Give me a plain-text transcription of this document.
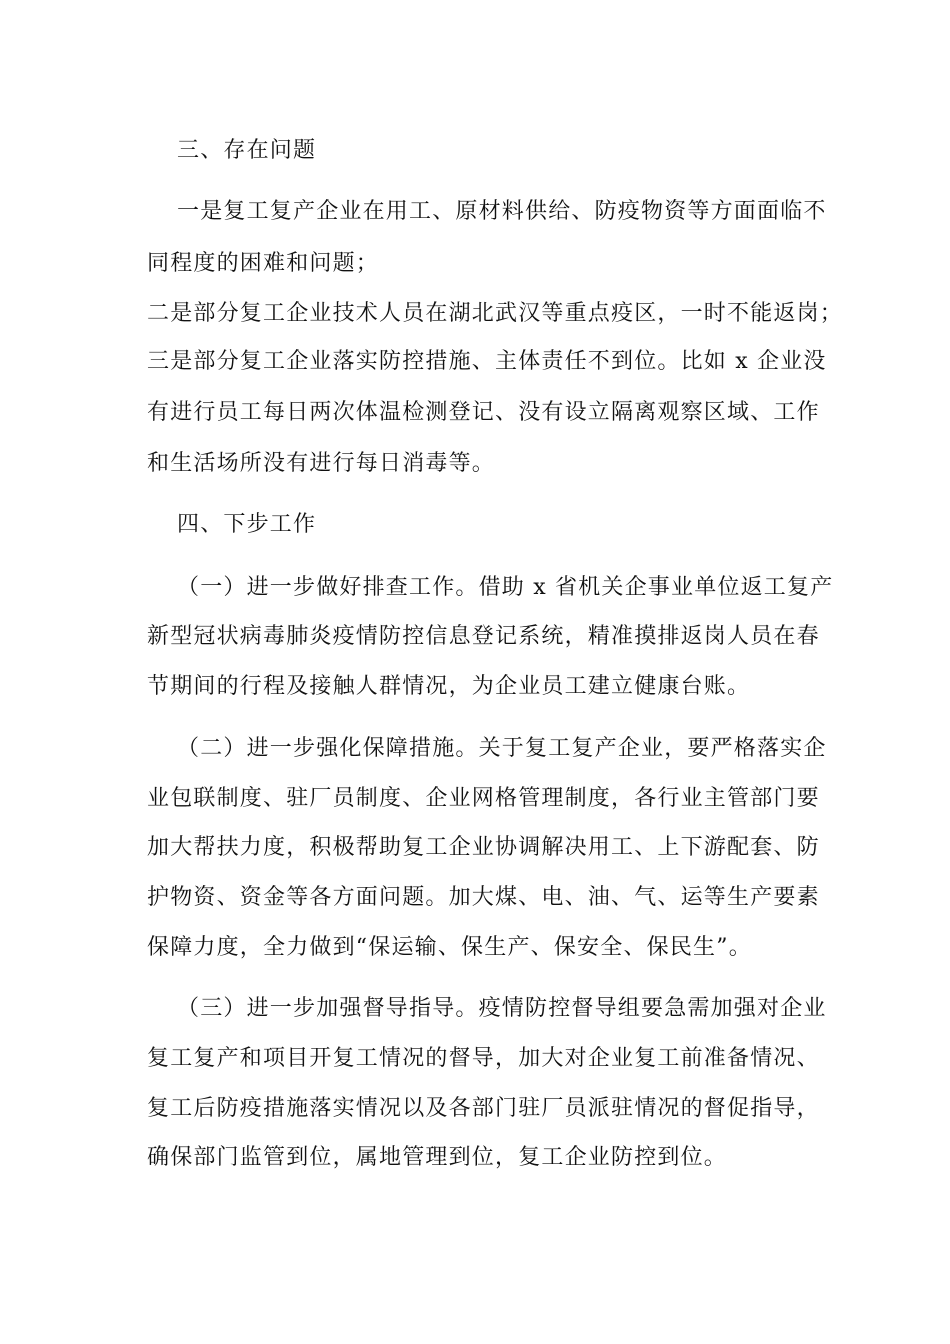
三、存在问题
一是复工复产企业在用工、原材料供给、防疫物资等方面面临不
同程度的困难和问题；
二是部分复工企业技术人员在湖北武汉等重点疫区，一时不能返岗；
三是部分复工企业落实防控措施、主体责任不到位。比如 x 企业没
有进行员工每日两次体温检测登记、没有设立隔离观察区域、工作
和生活场所没有进行每日消毒等。
四、下步工作
（一）进一步做好排查工作。借助 x 省机关企事业单位返工复产
新型冠状病毒肺炎疫情防控信息登记系统，精准摸排返岗人员在春
节期间的行程及接触人群情况，为企业员工建立健康台账。
（二）进一步强化保障措施。关于复工复产企业，要严格落实企
业包联制度、驻厂员制度、企业网格管理制度，各行业主管部门要
加大帮扶力度，积极帮助复工企业协调解决用工、上下游配套、防
护物资、资金等各方面问题。加大煤、电、油、气、运等生产要素
保障力度，全力做到“保运输、保生产、保安全、保民生”。
（三）进一步加强督导指导。疫情防控督导组要急需加强对企业
复工复产和项目开复工情况的督导，加大对企业复工前准备情况、
复工后防疫措施落实情况以及各部门驻厂员派驻情况的督促指导，
确保部门监管到位，属地管理到位，复工企业防控到位。
